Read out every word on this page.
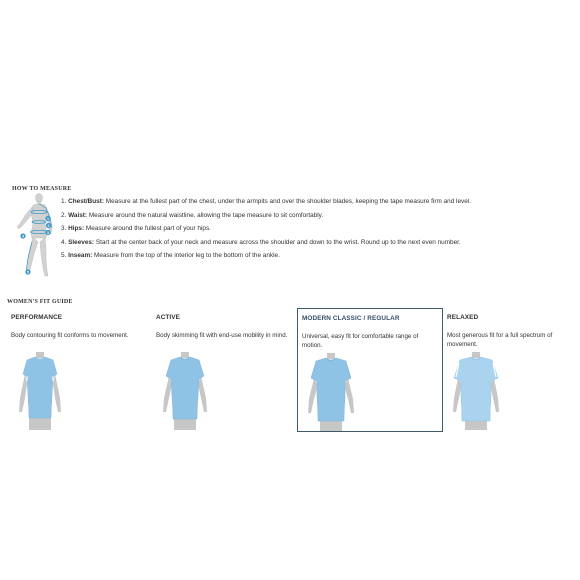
HOW TO MEASURE
1
2
3
4
5
1. Chest/Bust: Measure at the fullest part of the chest, under the armpits and over the shoulder blades, keeping the tape measure firm and level.
2. Waist: Measure around the natural waistline, allowing the tape measure to sit comfortably.
3. Hips: Measure around the fullest part of your hips.
4. Sleeves: Start at the center back of your neck and measure across the shoulder and down to the wrist. Round up to the next even number.
5. Inseam: Measure from the top of the interior leg to the bottom of the ankle.
WOMEN'S FIT GUIDE
PERFORMANCE
Body contouring fit conforms to movement.
ACTIVE
Body skimming fit with end-use mobility in mind.
MODERN CLASSIC / REGULAR
Universal, easy fit for comfortable range of motion.
RELAXED
Most generous fit for a full spectrum of movement.
